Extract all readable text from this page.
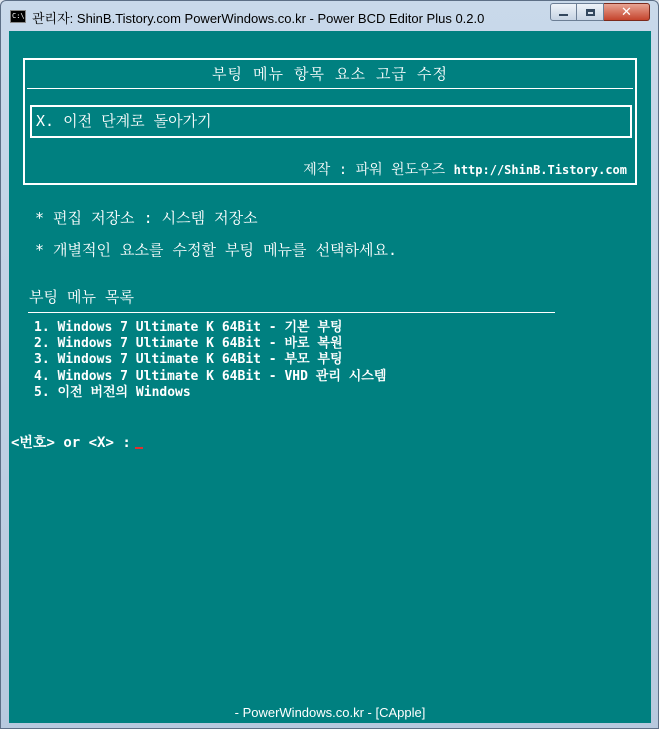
C:\ 관리자: ShinB.Tistory.com PowerWindows.co.kr - Power BCD Editor Plus 0.2.0	✕
부팅 메뉴 항목 요소 고급 수정
X. 이전 단계로 돌아가기
제작 : 파워 윈도우즈 http://ShinB.Tistory.com
* 편집 저장소 : 시스템 저장소
* 개별적인 요소를 수정할 부팅 메뉴를 선택하세요.
부팅 메뉴 목록
1. Windows 7 Ultimate K 64Bit - 기본 부팅
2. Windows 7 Ultimate K 64Bit - 바로 복원
3. Windows 7 Ultimate K 64Bit - 부모 부팅
4. Windows 7 Ultimate K 64Bit - VHD 관리 시스템
5. 이전 버전의 Windows
<번호> or <X> :
- PowerWindows.co.kr - [CApple]
